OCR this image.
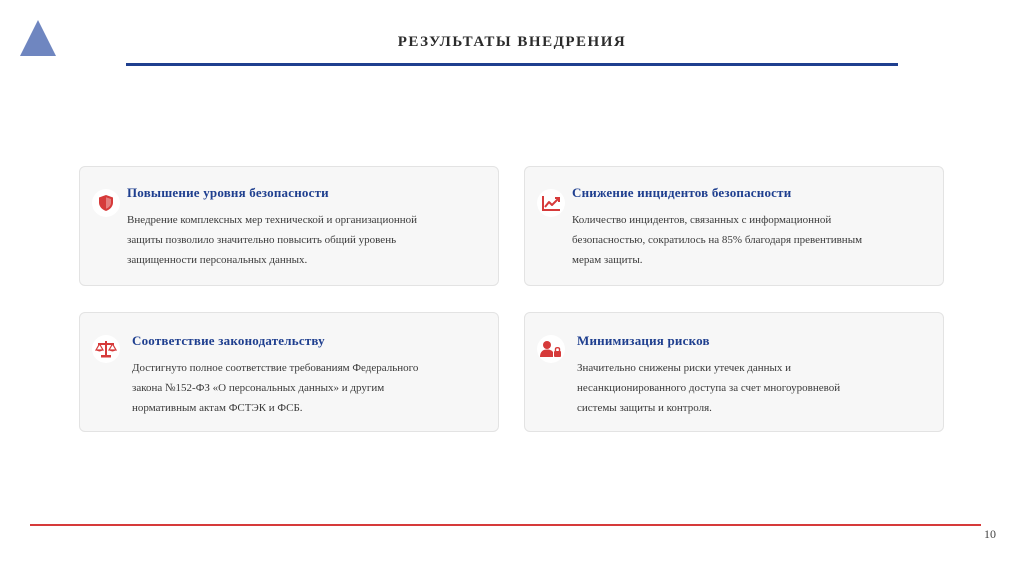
РЕЗУЛЬТАТЫ ВНЕДРЕНИЯ

Повышение уровня безопасности

Внедрение комплексных мер технической и организационной
защиты позволило значительно повысить общий уровень
защищенности персональных данных.

Снижение инцидентов безопасности

Количество инцидентов, связанных с информационной
безопасностью, сократилось на 85% благодаря превентивным
мерам защиты.

Соответствие законодательству

Достигнуто полное соответствие требованиям Федерального
закона №152-ФЗ «О персональных данных» и другим
нормативным актам ФСТЭК и ФСБ.

Минимизация рисков

Значительно снижены риски утечек данных и
несанкционированного доступа за счет многоуровневой
системы защиты и контроля.

10
